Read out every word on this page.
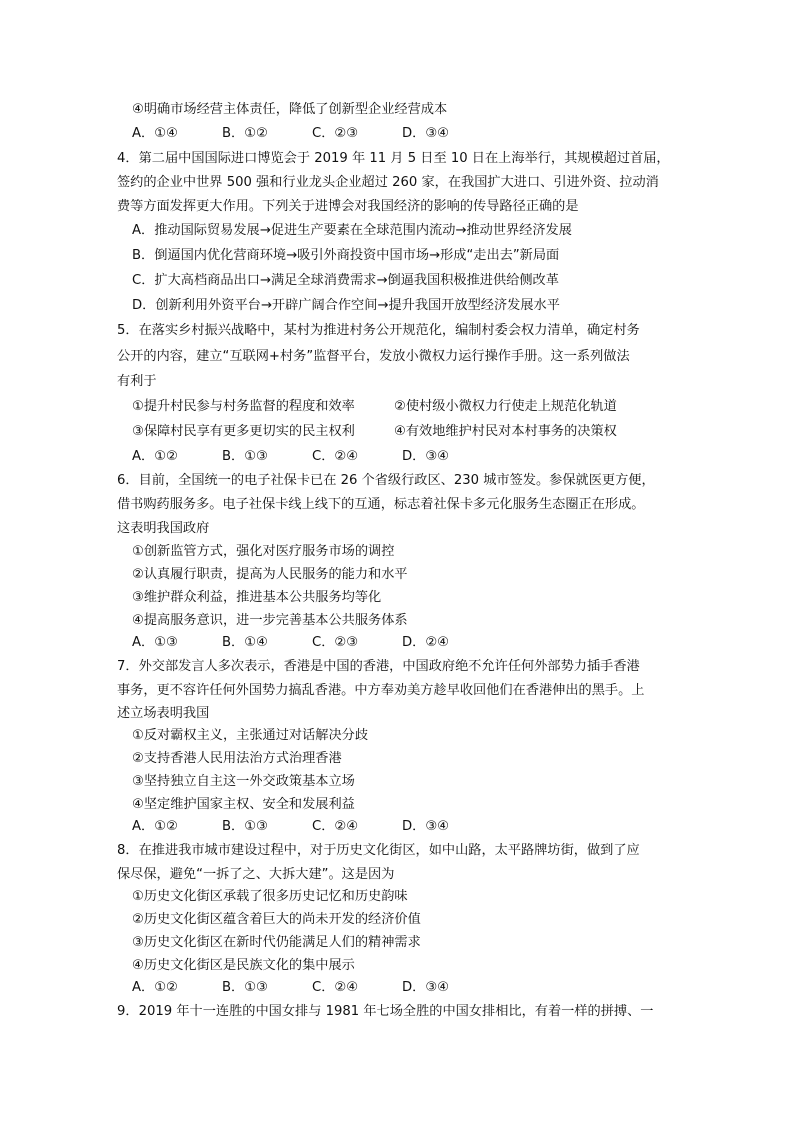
④明确市场经营主体责任，降低了创新型企业经营成本
A．①④	B．①②	C．②③	D．③④
4．第二届中国国际进口博览会于 2019 年 11 月 5 日至 10 日在上海举行，其规模超过首届，
签约的企业中世界 500 强和行业龙头企业超过 260 家，在我国扩大进口、引进外资、拉动消
费等方面发挥更大作用。下列关于进博会对我国经济的影响的传导路径正确的是
A．推动国际贸易发展→促进生产要素在全球范围内流动→推动世界经济发展
B．倒逼国内优化营商环境→吸引外商投资中国市场→形成“走出去”新局面
C．扩大高档商品出口→满足全球消费需求→倒逼我国积极推进供给侧改革
D．创新利用外资平台→开辟广阔合作空间→提升我国开放型经济发展水平
5．在落实乡村振兴战略中，某村为推进村务公开规范化，编制村委会权力清单，确定村务
公开的内容，建立“互联网+村务”监督平台，发放小微权力运行操作手册。这一系列做法
有利于
①提升村民参与村务监督的程度和效率	②使村级小微权力行使走上规范化轨道
③保障村民享有更多更切实的民主权利	④有效地维护村民对本村事务的决策权
A．①②	B．①③	C．②④	D．③④
6．目前，全国统一的电子社保卡已在 26 个省级行政区、230 城市签发。参保就医更方便，
借书购药服务多。电子社保卡线上线下的互通，标志着社保卡多元化服务生态圈正在形成。
这表明我国政府
①创新监管方式，强化对医疗服务市场的调控
②认真履行职责，提高为人民服务的能力和水平
③维护群众利益，推进基本公共服务均等化
④提高服务意识，进一步完善基本公共服务体系
A．①③	B．①④	C．②③	D．②④
7．外交部发言人多次表示，香港是中国的香港，中国政府绝不允许任何外部势力插手香港
事务，更不容许任何外国势力搞乱香港。中方奉劝美方趁早收回他们在香港伸出的黑手。上
述立场表明我国
①反对霸权主义，主张通过对话解决分歧
②支持香港人民用法治方式治理香港
③坚持独立自主这一外交政策基本立场
④坚定维护国家主权、安全和发展利益
A．①②	B．①③	C．②④	D．③④
8．在推进我市城市建设过程中，对于历史文化街区，如中山路，太平路牌坊街，做到了应
保尽保，避免“一拆了之、大拆大建”。这是因为
①历史文化街区承载了很多历史记忆和历史韵味
②历史文化街区蕴含着巨大的尚未开发的经济价值
③历史文化街区在新时代仍能满足人们的精神需求
④历史文化街区是民族文化的集中展示
A．①②	B．①③	C．②④	D．③④
9．2019 年十一连胜的中国女排与 1981 年七场全胜的中国女排相比，有着一样的拼搏、一
